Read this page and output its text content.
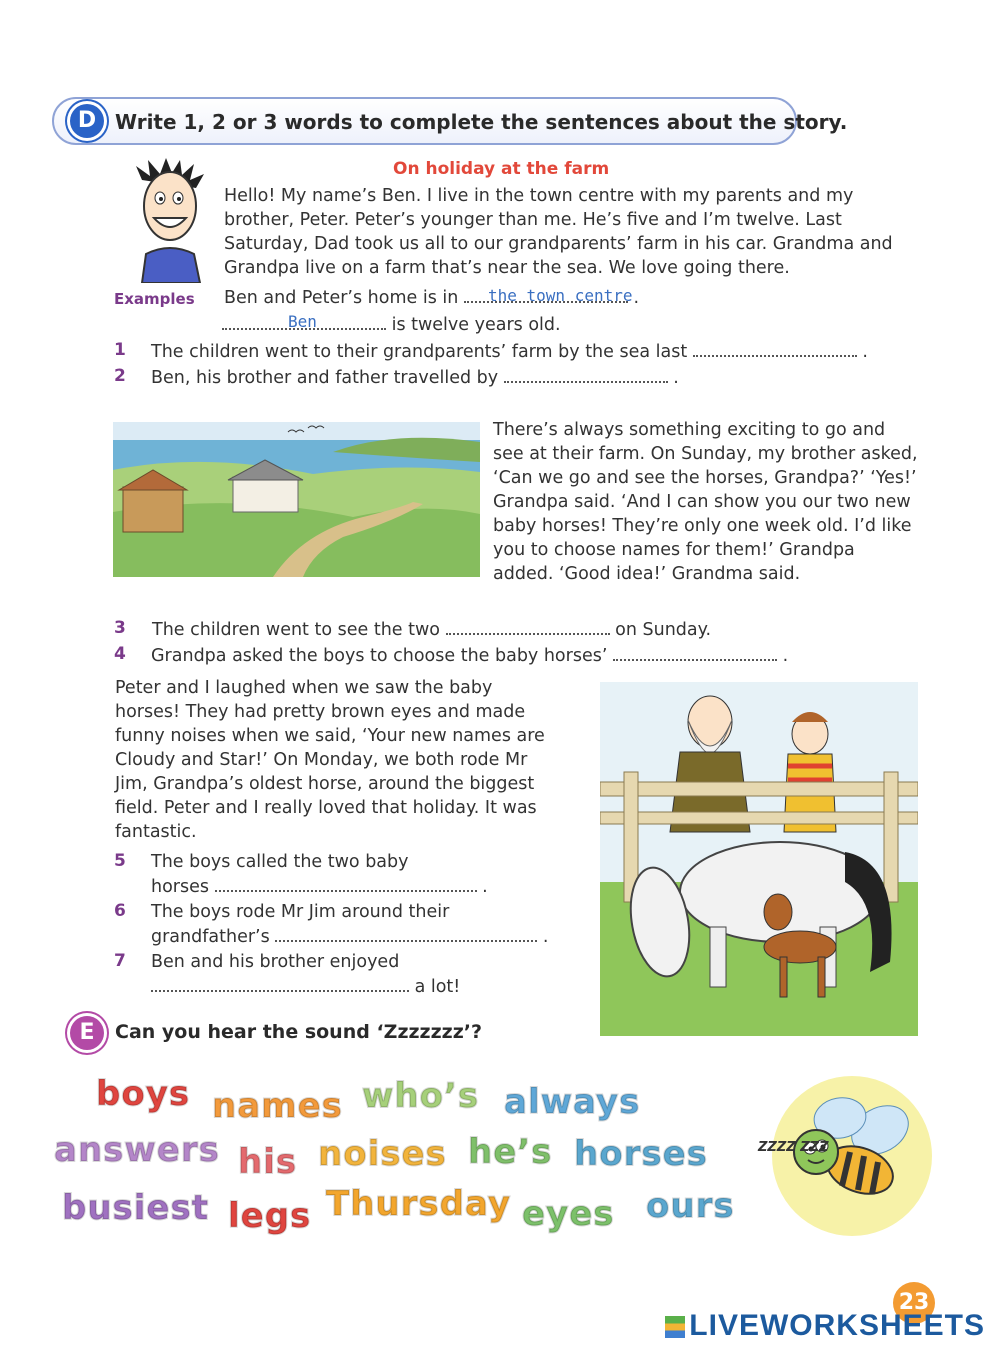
D Write 1, 2 or 3 words to complete the sentences about the story.
On holiday at the farm
Hello! My name’s Ben. I live in the town centre with my parents and my brother, Peter. Peter’s younger than me. He’s five and I’m twelve. Last Saturday, Dad took us all to our grandparents’ farm in his car. Grandma and Grandpa live on a farm that’s near the sea. We love going there.
Examples Ben and Peter’s home is in	.
the town centre
is twelve years old.
Ben
1 The children went to their grandparents’ farm by the sea last	.
2 Ben, his brother and father travelled by	.
There’s always something exciting to go and see at their farm. On Sunday, my brother asked, ‘Can we go and see the horses, Grandpa?’ ‘Yes!’ Grandpa said. ‘And I can show you our two new baby horses! They’re only one week old. I’d like you to choose names for them!’ Grandpa added. ‘Good idea!’ Grandma said.
3 The children went to see the two	on Sunday.
4 Grandpa asked the boys to choose the baby horses’	.
Peter and I laughed when we saw the baby horses! They had pretty brown eyes and made funny noises when we said, ‘Your new names are Cloudy and Star!’ On Monday, we both rode Mr Jim, Grandpa’s oldest horse, around the biggest field. Peter and I really loved that holiday. It was fantastic.
5 The boys called the two baby
horses	.
6 The boys rode Mr Jim around their
grandfather’s	.
7 Ben and his brother enjoyed
a lot!
E	Can you hear the sound ‘Zzzzzzz’?
boys names who’s always
answers his noises he’s horses
busiest legs Thursday eyes ours
ZZZZ ZZZ
23
LIVEWORKSHEETS
